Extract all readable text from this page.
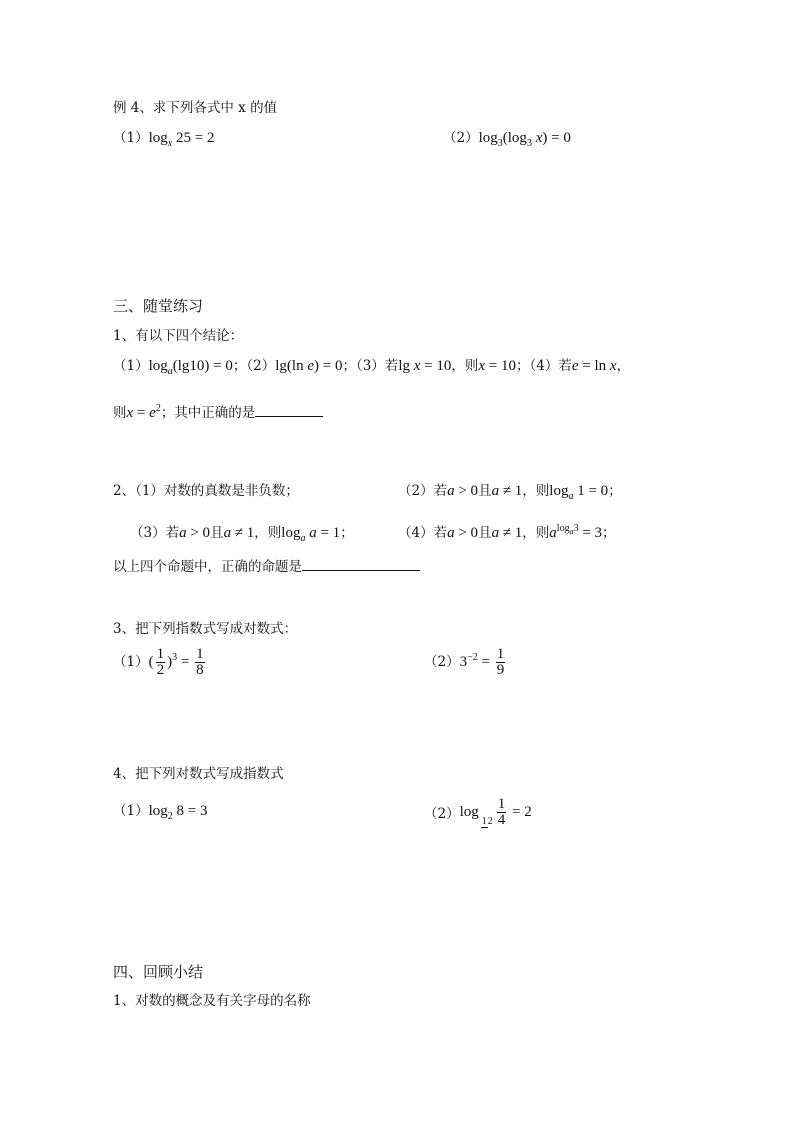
例 4、求下列各式中 x 的值
$(1)\log_x$ 25 = 2	$(2)\log_3(\log_3$ x) = 0
三、随堂练习
1、有以下四个结论：
$(1)\log_a(\lg 10) = 0$；（2）lg(ln e) = 0；（3）若lg x = 10，则x = 10；（4）若e = ln x，
则$x = e^2$；其中正确的是
2、（1）对数的真数是非负数；	（2）若a > 0且a ≠ 1，则$\log_a 1 = 0$；
（3）若a > 0且a ≠ 1，则$\log_a a = 1$；	（4）若a > 0且a ≠ 1，则$a^{log_a3} = 3$；
以上四个命题中，正确的命题是
3、把下列指数式写成对数式：
（1） ( $\frac{1}{2} )^3 = \frac{1}{8}$	（2） $3^{-2} = \frac{1}{9}$
4、把下列对数式写成指数式
$(1)\log_2$ 8 = 3	（2） $\log 12 \frac{1}{4} = 2$
四、回顾小结
1、对数的概念及有关字母的名称
